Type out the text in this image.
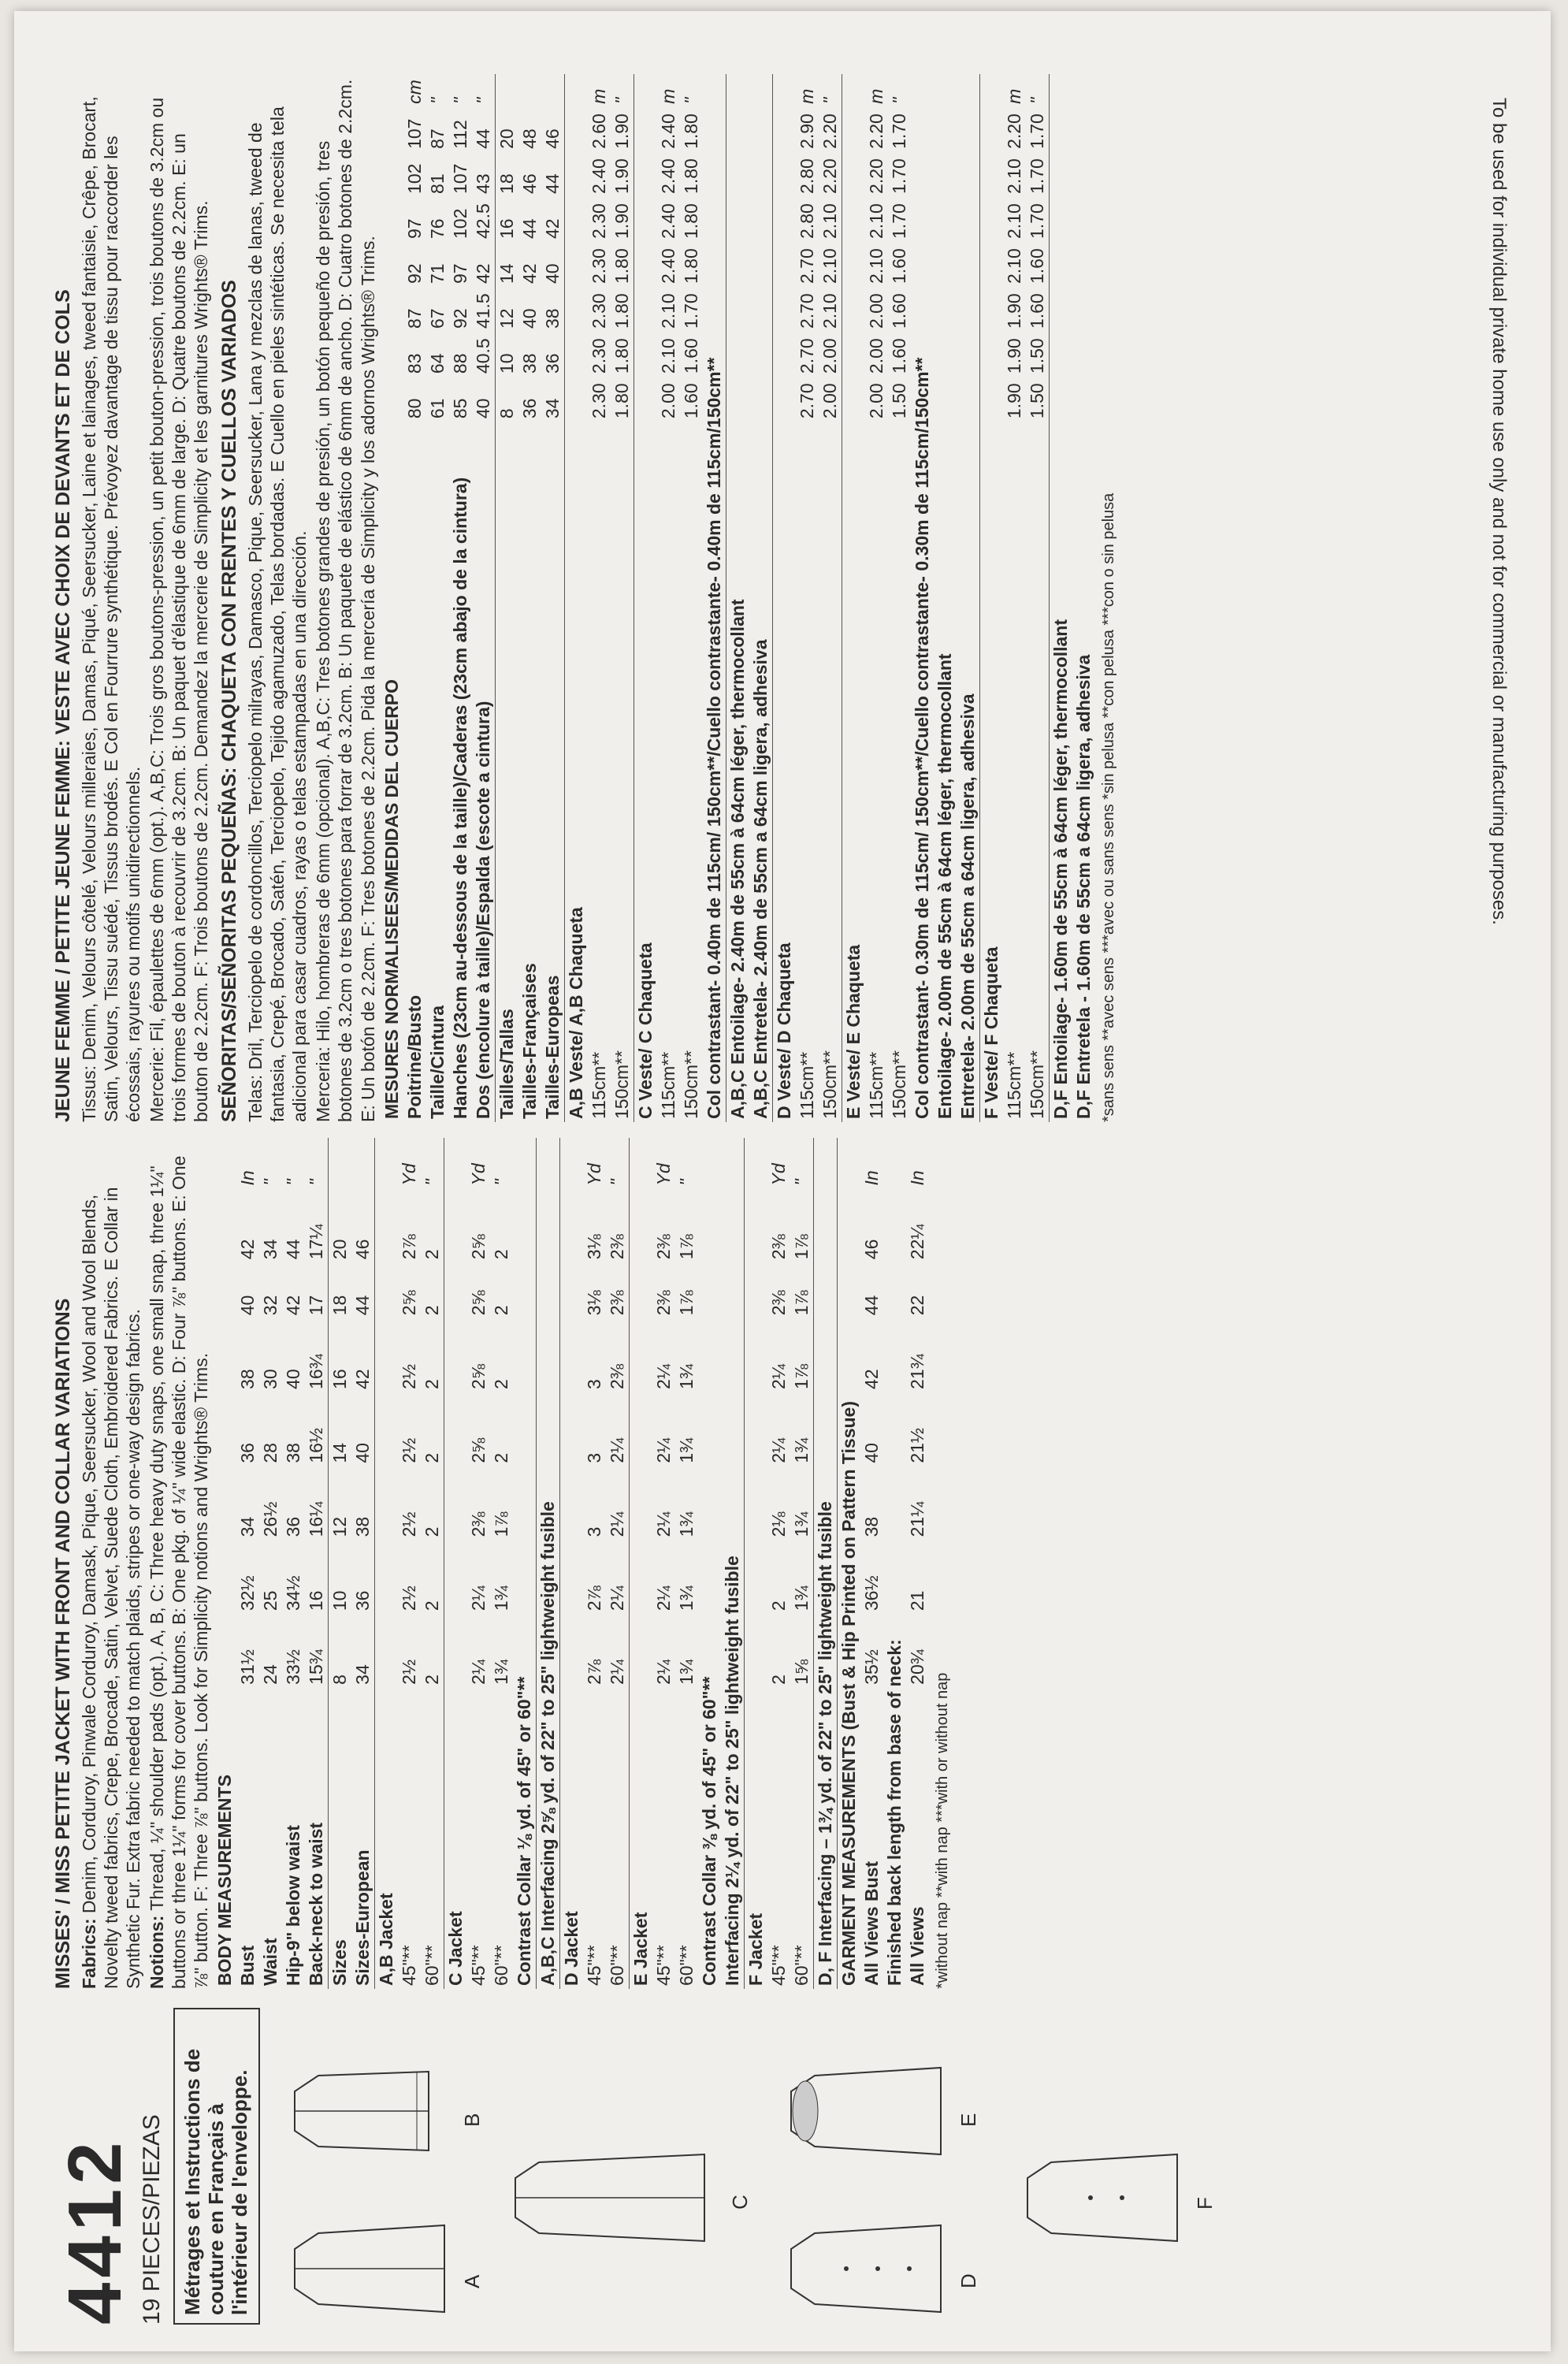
4412 19 PIECES/PIEZAS Métrages et Instructions de couture en Français à l'intérieur de l'enveloppe.	A
B
C
D
E
F
MISSES' / MISS PETITE JACKET WITH FRONT AND COLLAR VARIATIONS Fabrics: Denim, Corduroy, Pinwale Corduroy, Damask, Pique, Seersucker, Wool and Wool Blends, Novelty tweed fabrics, Crepe, Brocade, Satin, Velvet, Suede Cloth, Embroidered Fabrics. E Collar in Synthetic Fur. Extra fabric needed to match plaids, stripes or one-way design fabrics. Notions: Thread, ¼" shoulder pads (opt.). A, B, C: Three heavy duty snaps, one small snap, three 1¼" buttons or three 1¼" forms for cover buttons. B: One pkg. of ¼" wide elastic. D: Four ⅞" buttons. E: One ⅞" button. F: Three ⅞" buttons. Look for Simplicity notions and Wrights® Trims. BODY MEASUREMENTS								
Bust	31½	32½	34	36	38	40	42	In
Waist	24	25	26½	28	30	32	34	"
Hip-9" below waist	33½	34½	36	38	40	42	44	"
Back-neck to waist	15¾	16	16¼	16½	16¾	17	17¼	"
Sizes	8	10	12	14	16	18	20	
Sizes-European	34	36	38	40	42	44	46	
A,B Jacket								
45"**	2½	2½	2½	2½	2½	2⅝	2⅞	Yd
60"**	2	2	2	2	2	2	2	"
C Jacket								
45"**	2¼	2¼	2⅜	2⅝	2⅝	2⅝	2⅝	Yd
60"**	1¾	1¾	1⅞	2	2	2	2	"
Contrast Collar ⅛ yd. of 45" or 60"**								
A,B,C Interfacing 2⅝ yd. of 22" to 25" lightweight fusible								
D Jacket								
45"**	2⅞	2⅞	3	3	3	3⅛	3⅛	Yd
60"**	2¼	2¼	2¼	2¼	2⅜	2⅜	2⅜	"
E Jacket								
45"**	2¼	2¼	2¼	2¼	2¼	2⅜	2⅜	Yd
60"**	1¾	1¾	1¾	1¾	1¾	1⅞	1⅞	"
Contrast Collar ⅜ yd. of 45" or 60"**								
Interfacing 2¼ yd. of 22" to 25" lightweight fusible								
F Jacket								
45"**	2	2	2⅛	2¼	2¼	2⅜	2⅜	Yd
60"**	1⅝	1¾	1¾	1¾	1⅞	1⅞	1⅞	"
D, F Interfacing – 1¾ yd. of 22" to 25" lightweight fusible								
GARMENT MEASUREMENTS (Bust & Hip Printed on Pattern Tissue)								
All Views Bust	35½	36½	38	40	42	44	46	In
Finished back length from base of neck:								
All Views	20¾	21	21¼	21½	21¾	22	22¼	In
*without nap **with nap ***with or without nap
JEUNE FEMME / PETITE JEUNE FEMME: VESTE AVEC CHOIX DE DEVANTS ET DE COLS Tissus: Denim, Velours côtelé, Velours milleraies, Damas, Piqué, Seersucker, Laine et lainages, tweed fantaisie, Crêpe, Brocart, Satin, Velours, Tissu suédé, Tissus brodés. E Col en Fourrure synthétique. Prévoyez davantage de tissu pour raccorder les écossais, rayures ou motifs unidirectionnels. Mercerie: Fil, épaulettes de 6mm (opt.). A,B,C: Trois gros boutons-pression, un petit bouton-pression, trois boutons de 3.2cm ou trois formes de bouton à recouvrir de 3.2cm. B: Un paquet d'élastique de 6mm de large. D: Quatre boutons de 2.2cm. E: un bouton de 2.2cm. F: Trois boutons de 2.2cm. Demandez la mercerie de Simplicity et les garnitures Wrights® Trims. SEÑORITAS/SEÑORITAS PEQUEÑAS: CHAQUETA CON FRENTES Y CUELLOS VARIADOS Telas: Dril, Terciopelo de cordoncillos, Terciopelo milrayas, Damasco, Pique, Seersucker, Lana y mezclas de lanas, tweed de fantasia, Crepé, Brocado, Satén, Terciopelo, Tejido agamuzado, Telas bordadas. E Cuello en pieles sintéticas. Se necesita tela adicional para casar cuadros, rayas o telas estampadas en una dirección. Merceria: Hilo, hombreras de 6mm (opcional). A,B,C: Tres botones grandes de presión, un botón pequeño de presión, tres botones de 3.2cm o tres botones para forrar de 3.2cm. B: Un paquete de elástico de 6mm de ancho. D: Cuatro botones de 2.2cm. E: Un botón de 2.2cm. F: Tres botones de 2.2cm. Pida la mercería de Simplicity y los adornos Wrights® Trims. MESURES NORMALISEES/MEDIDAS DEL CUERPO								
Poitrine/Busto	80	83	87	92	97	102	107	cm
Taille/Cintura	61	64	67	71	76	81	87	"
Hanches (23cm au-dessous de la taille)/Caderas (23cm abajo de la cintura)	85	88	92	97	102	107	112	"
Dos (encolure à taille)/Espalda (escote a cintura)	40	40.5	41.5	42	42.5	43	44	"
Tailles/Tallas	8	10	12	14	16	18	20	
Tailles-Françaises	36	38	40	42	44	46	48	
Tailles-Europeas	34	36	38	40	42	44	46	
A,B Veste/ A,B Chaqueta								
115cm**	2.30	2.30	2.30	2.30	2.30	2.40	2.60	m
150cm**	1.80	1.80	1.80	1.80	1.90	1.90	1.90	"
C Veste/ C Chaqueta								
115cm**	2.00	2.10	2.10	2.40	2.40	2.40	2.40	m
150cm**	1.60	1.60	1.70	1.80	1.80	1.80	1.80	"
Col contrastant- 0.40m de 115cm/ 150cm**/Cuello contrastante- 0.40m de 115cm/150cm**								
A,B,C Entoilage- 2.40m de 55cm à 64cm léger, thermocollant								
A,B,C Entretela- 2.40m de 55cm a 64cm ligera, adhesiva								
D Veste/ D Chaqueta								
115cm**	2.70	2.70	2.70	2.70	2.80	2.80	2.90	m
150cm**	2.00	2.00	2.10	2.10	2.10	2.20	2.20	"
E Veste/ E Chaqueta								
115cm**	2.00	2.00	2.00	2.10	2.10	2.20	2.20	m
150cm**	1.50	1.60	1.60	1.60	1.70	1.70	1.70	"
Col contrastant- 0.30m de 115cm/ 150cm**/Cuello contrastante- 0.30m de 115cm/150cm**								
Entoilage- 2.00m de 55cm à 64cm léger, thermocollant								
Entretela- 2.00m de 55cm a 64cm ligera, adhesiva								
F Veste/ F Chaqueta								
115cm**	1.90	1.90	1.90	2.10	2.10	2.10	2.20	m
150cm**	1.50	1.50	1.60	1.60	1.70	1.70	1.70	"
D,F Entoilage- 1.60m de 55cm à 64cm léger, thermocollant								
D,F Entretela - 1.60m de 55cm a 64cm ligera, adhesiva								*sans sens **avec sens ***avec ou sans sens *sin pelusa **con pelusa ***con o sin pelusa	To be used for individual private home use only and not for commercial or manufacturing purposes.
